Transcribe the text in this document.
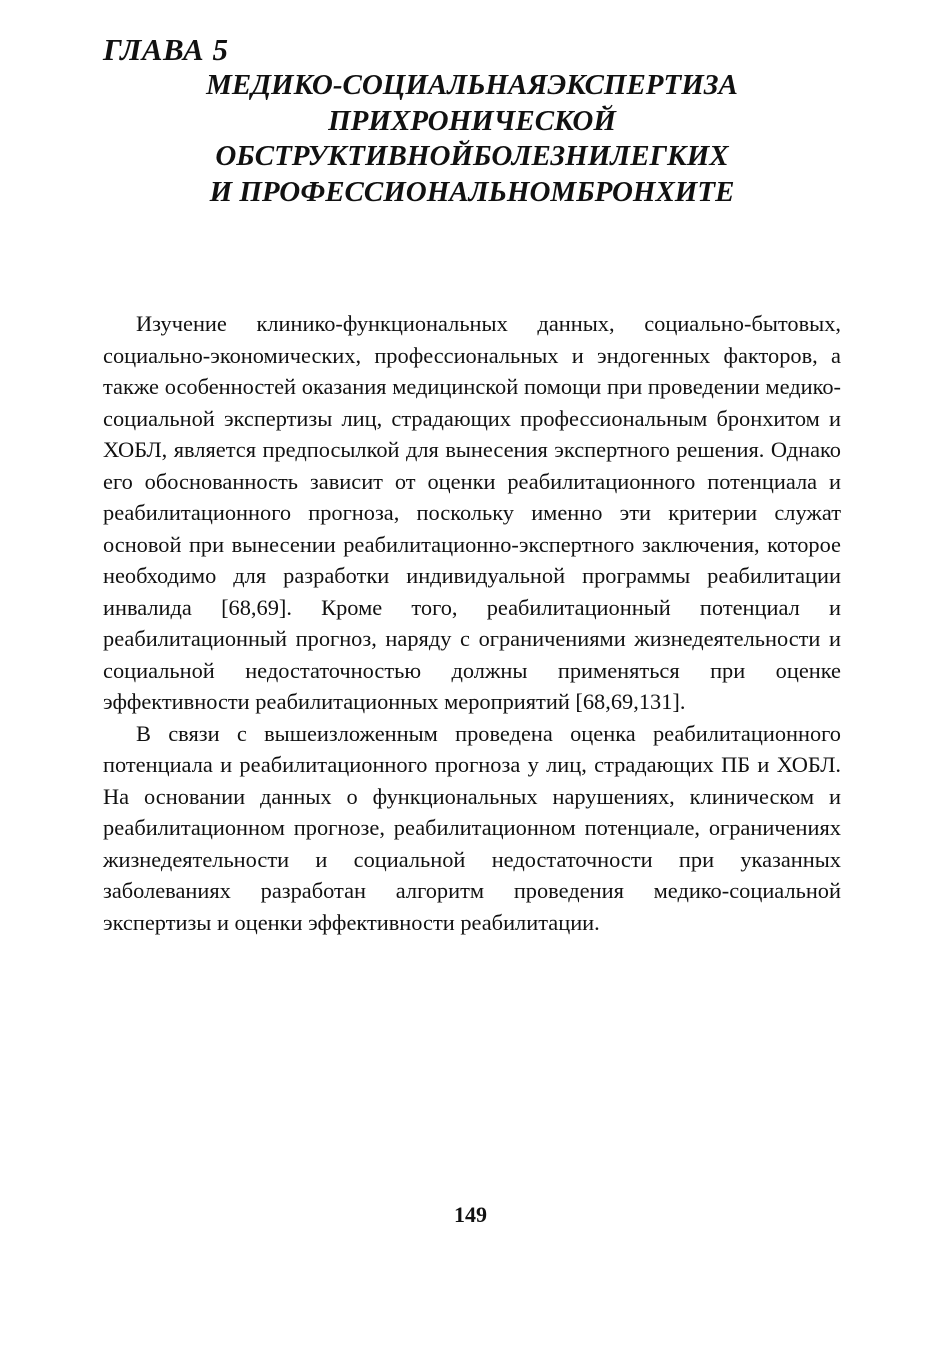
ГЛАВА 5
МЕДИКО-СОЦИАЛЬНАЯЭКСПЕРТИЗА
ПРИХРОНИЧЕСКОЙ
ОБСТРУКТИВНОЙБОЛЕЗНИЛЕГКИХ
И ПРОФЕССИОНАЛЬНОМБРОНХИТЕ

Изучение клинико-функциональных данных, социально-бытовых, социально-экономических, профессиональных и эндогенных факторов, а также особенностей оказания медицинской помощи при проведении медико-социальной экспертизы лиц, страдающих профессиональным бронхитом и ХОБЛ, является предпосылкой для вынесения экспертного решения. Однако его обоснованность зависит от оценки реабилитационного потенциала и реабилитационного прогноза, поскольку именно эти критерии служат основой при вынесении реабилитационно-экспертного заключения, которое необходимо для разработки индивидуальной программы реабилитации инвалида [68,69]. Кроме того, реабилитационный потенциал и реабилитационный прогноз, наряду с ограничениями жизнедеятельности и социальной недостаточностью должны применяться при оценке эффективности реабилитационных мероприятий [68,69,131].

В связи с вышеизложенным проведена оценка реабилитационного потенциала и реабилитационного прогноза у лиц, страдающих ПБ и ХОБЛ. На основании данных о функциональных нарушениях, клиническом и реабилитационном прогнозе, реабилитационном потенциале, ограничениях жизнедеятельности и социальной недостаточности при указанных заболеваниях разработан алгоритм проведения медико-социальной экспертизы и оценки эффективности реабилитации.

149
